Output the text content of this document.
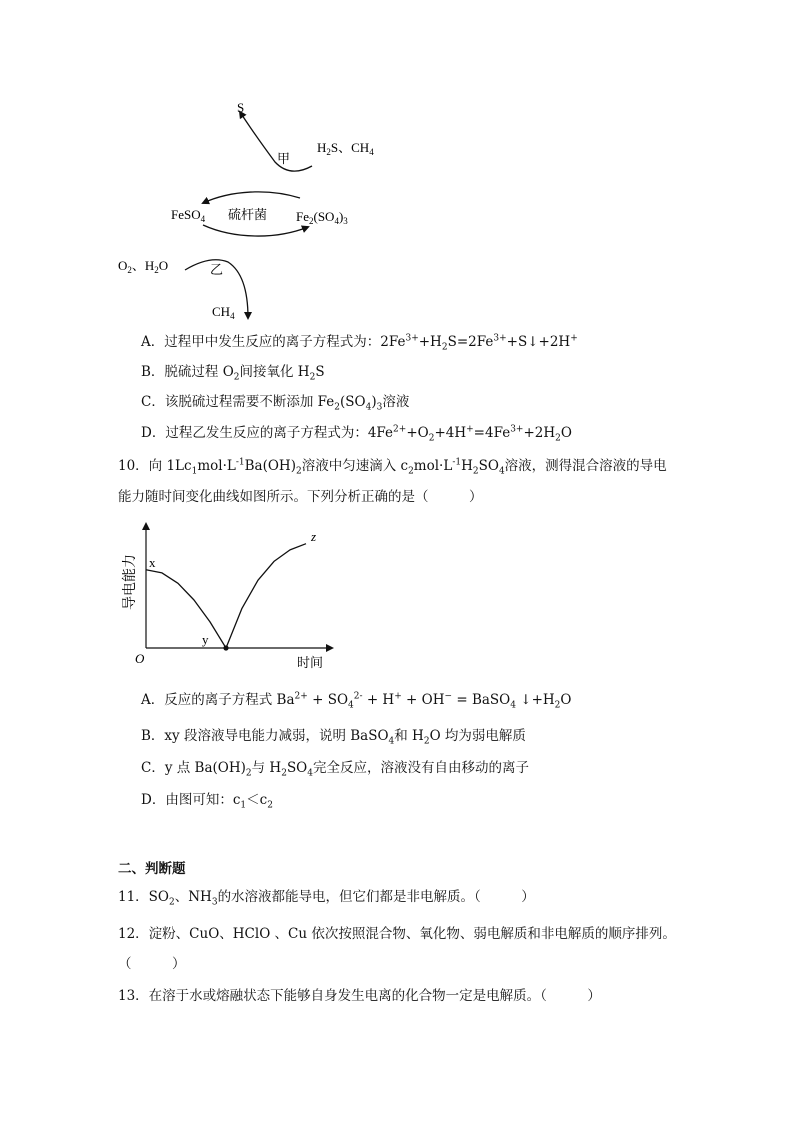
S
$H_2S$、$CH_4$
甲
硫杆菌
FeSO$_4$	$Fe_2(SO_4)_3$
$O_2$、$H_2O$	乙
$CH_4$
A．过程甲中发生反应的离子方程式为：$2Fe^{3+}+H_2S=2Fe^{3+}+S↓+2H^+$
B．脱硫过程 $O_2$间接氧化 $H_2S$
C．该脱硫过程需要不断添加 $Fe_2(SO_4)_3$溶液
D．过程乙发生反应的离子方程式为：$4Fe^{2+}+O_2+4H^+=4Fe^{3+}+2H_2O$
10．向 $1Lc_1mol\cdot L^{-1}Ba(OH)_2$溶液中匀速滴入 $c_2mol\cdot L^{-1}H_2SO_4$溶液，测得混合溶液的导电
能力随时间变化曲线如图所示。下列分析正确的是（　　　）
导电能力
时间
O
x
y
z
A．反应的离子方程式 $Ba^{2+} + SO_4^{2-} + H^+ + OH^-$ = BaSO$_4$ $↓+H_2O$
B．xy 段溶液导电能力减弱，说明 BaSO$_4$和 $H_2O$ 均为弱电解质
C．y 点 $Ba(OH)_2$与 $H_2SO_4$完全反应，溶液没有自由移动的离子
D．由图可知：$c_1<c_2$
二、判断题
11．$SO_2$、$NH_3$的水溶液都能导电，但它们都是非电解质。（　　　）
12．淀粉、CuO、HClO 、Cu 依次按照混合物、氧化物、弱电解质和非电解质的顺序排列。
（　　　）
13．在溶于水或熔融状态下能够自身发生电离的化合物一定是电解质。（　　　）
